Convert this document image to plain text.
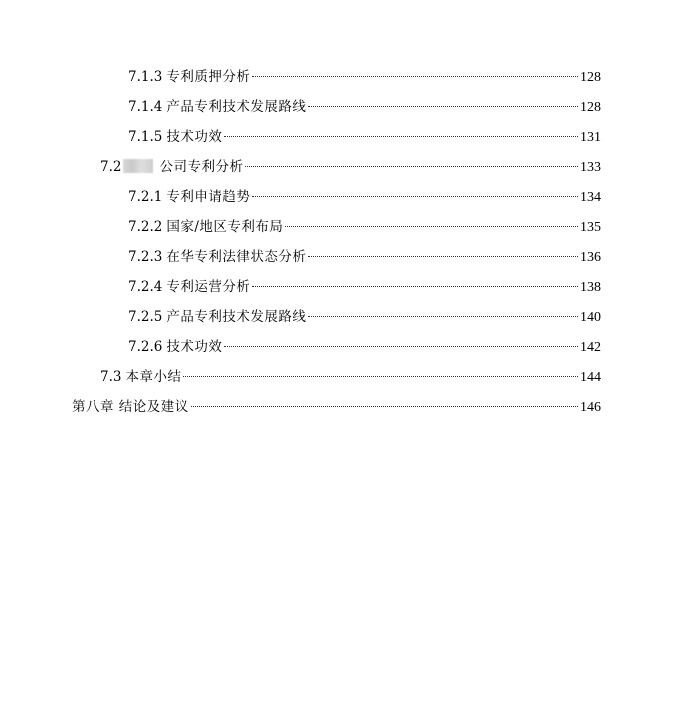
7.1.3 专利质押分析	128
7.1.4 产品专利技术发展路线	128
7.1.5 技术功效	131
7.2	公司专利分析	133
7.2.1 专利申请趋势	134
7.2.2 国家/地区专利布局	135
7.2.3 在华专利法律状态分析	136
7.2.4 专利运营分析	138
7.2.5 产品专利技术发展路线	140
7.2.6 技术功效	142
7.3 本章小结	144
第八章 结论及建议	146
